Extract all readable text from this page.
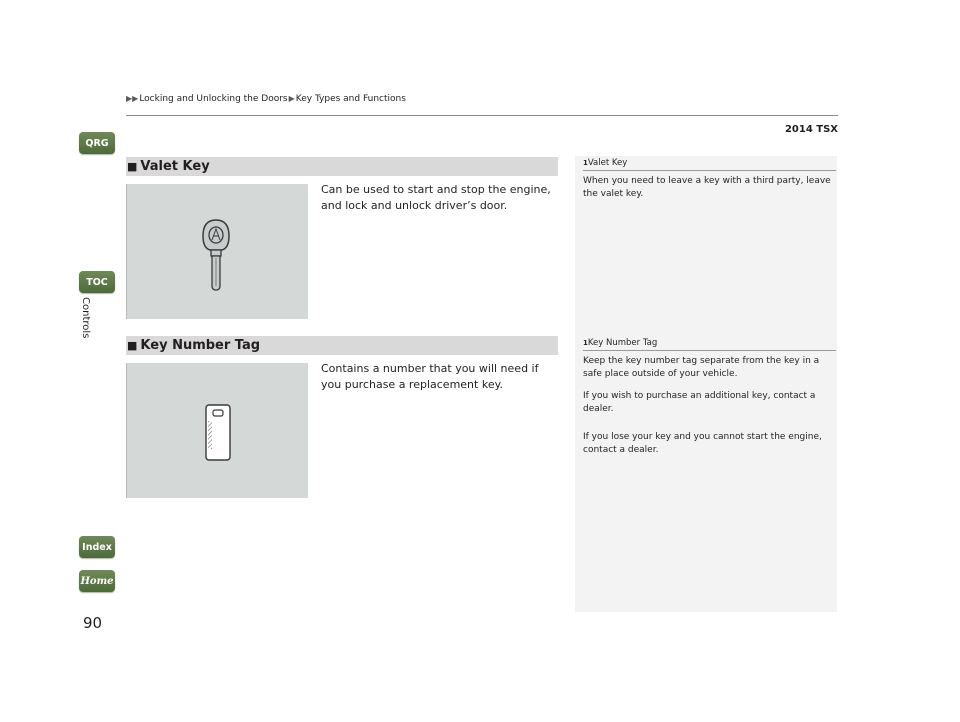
▶▶Locking and Unlocking the Doors▶Key Types and Functions
2014 TSX
QRG
TOC
Controls
Index
Home
90
■ Valet Key
Can be used to start and stop the engine, and lock and unlock driver’s door.
■ Key Number Tag
Contains a number that you will need if you purchase a replacement key.
1Valet Key

When you need to leave a key with a third party, leave the valet key.

1Key Number Tag

Keep the key number tag separate from the key in a safe place outside of your vehicle.

If you wish to purchase an additional key, contact a dealer.

If you lose your key and you cannot start the engine, contact a dealer.
